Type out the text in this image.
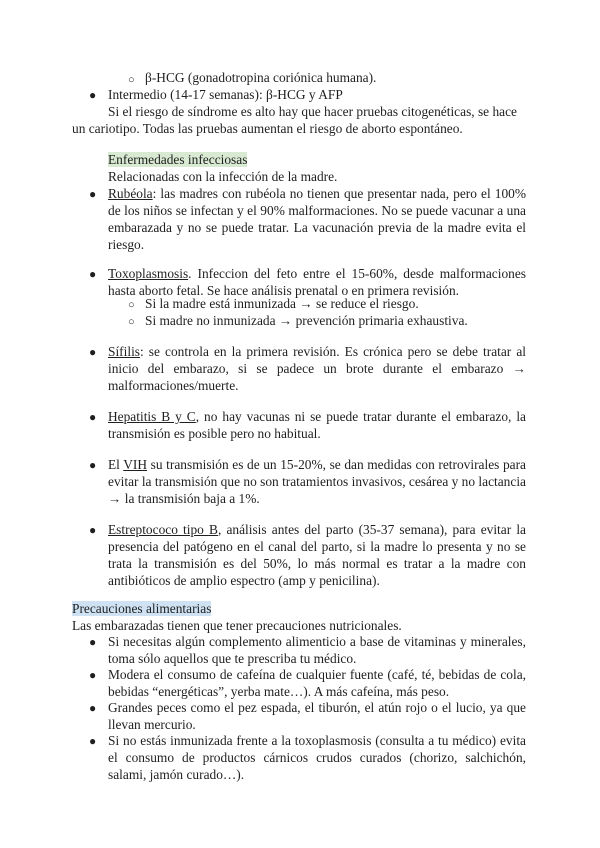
○ β-HCG (gonadotropina coriónica humana).
● Intermedio (14-17 semanas): β-HCG y AFP
Si el riesgo de síndrome es alto hay que hacer pruebas citogenéticas, se hace
un cariotipo. Todas las pruebas aumentan el riesgo de aborto espontáneo.
Enfermedades infecciosas
Relacionadas con la infección de la madre.
● Rubéola: las madres con rubéola no tienen que presentar nada, pero el 100% de los niños se infectan y el 90% malformaciones. No se puede vacunar a una embarazada y no se puede tratar. La vacunación previa de la madre evita el riesgo.
● Toxoplasmosis. Infeccion del feto entre el 15-60%, desde malformaciones hasta aborto fetal. Se hace análisis prenatal o en primera revisión.
○ Si la madre está inmunizada → se reduce el riesgo.
○ Si madre no inmunizada → prevención primaria exhaustiva.
● Sífilis: se controla en la primera revisión. Es crónica pero se debe tratar al inicio del embarazo, si se padece un brote durante el embarazo → malformaciones/muerte.
● Hepatitis B y C, no hay vacunas ni se puede tratar durante el embarazo, la transmisión es posible pero no habitual.
● El VIH su transmisión es de un 15-20%, se dan medidas con retrovirales para evitar la transmisión que no son tratamientos invasivos, cesárea y no lactancia → la transmisión baja a 1%.
● Estreptococo tipo B, análisis antes del parto (35-37 semana), para evitar la presencia del patógeno en el canal del parto, si la madre lo presenta y no se trata la transmisión es del 50%, lo más normal es tratar a la madre con antibióticos de amplio espectro (amp y penicilina).
Precauciones alimentarias
Las embarazadas tienen que tener precauciones nutricionales.
● Si necesitas algún complemento alimenticio a base de vitaminas y minerales, toma sólo aquellos que te prescriba tu médico.
● Modera el consumo de cafeína de cualquier fuente (café, té, bebidas de cola, bebidas “energéticas”, yerba mate…). A más cafeína, más peso.
● Grandes peces como el pez espada, el tiburón, el atún rojo o el lucio, ya que llevan mercurio.
● Si no estás inmunizada frente a la toxoplasmosis (consulta a tu médico) evita el consumo de productos cárnicos crudos curados (chorizo, salchichón, salami, jamón curado…).
